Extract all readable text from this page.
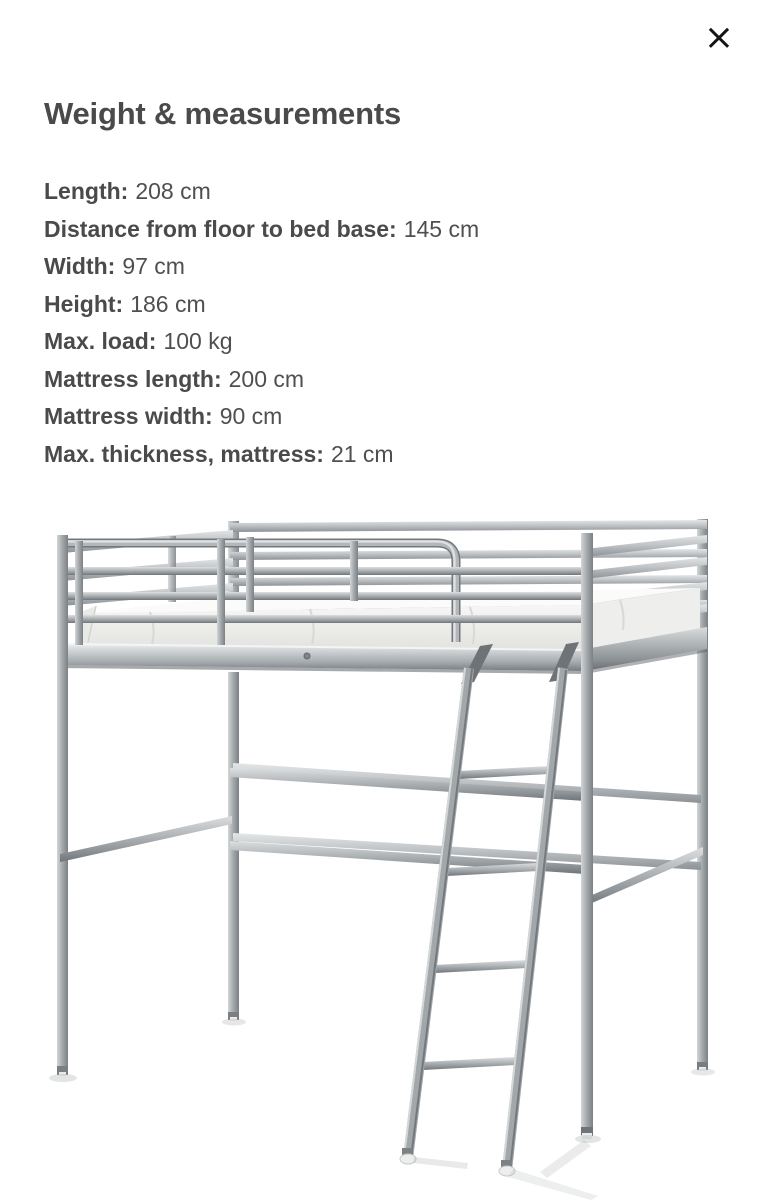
×
Weight & measurements
Length: 208 cm
Distance from floor to bed base: 145 cm
Width: 97 cm
Height: 186 cm
Max. load: 100 kg
Mattress length: 200 cm
Mattress width: 90 cm
Max. thickness, mattress: 21 cm
